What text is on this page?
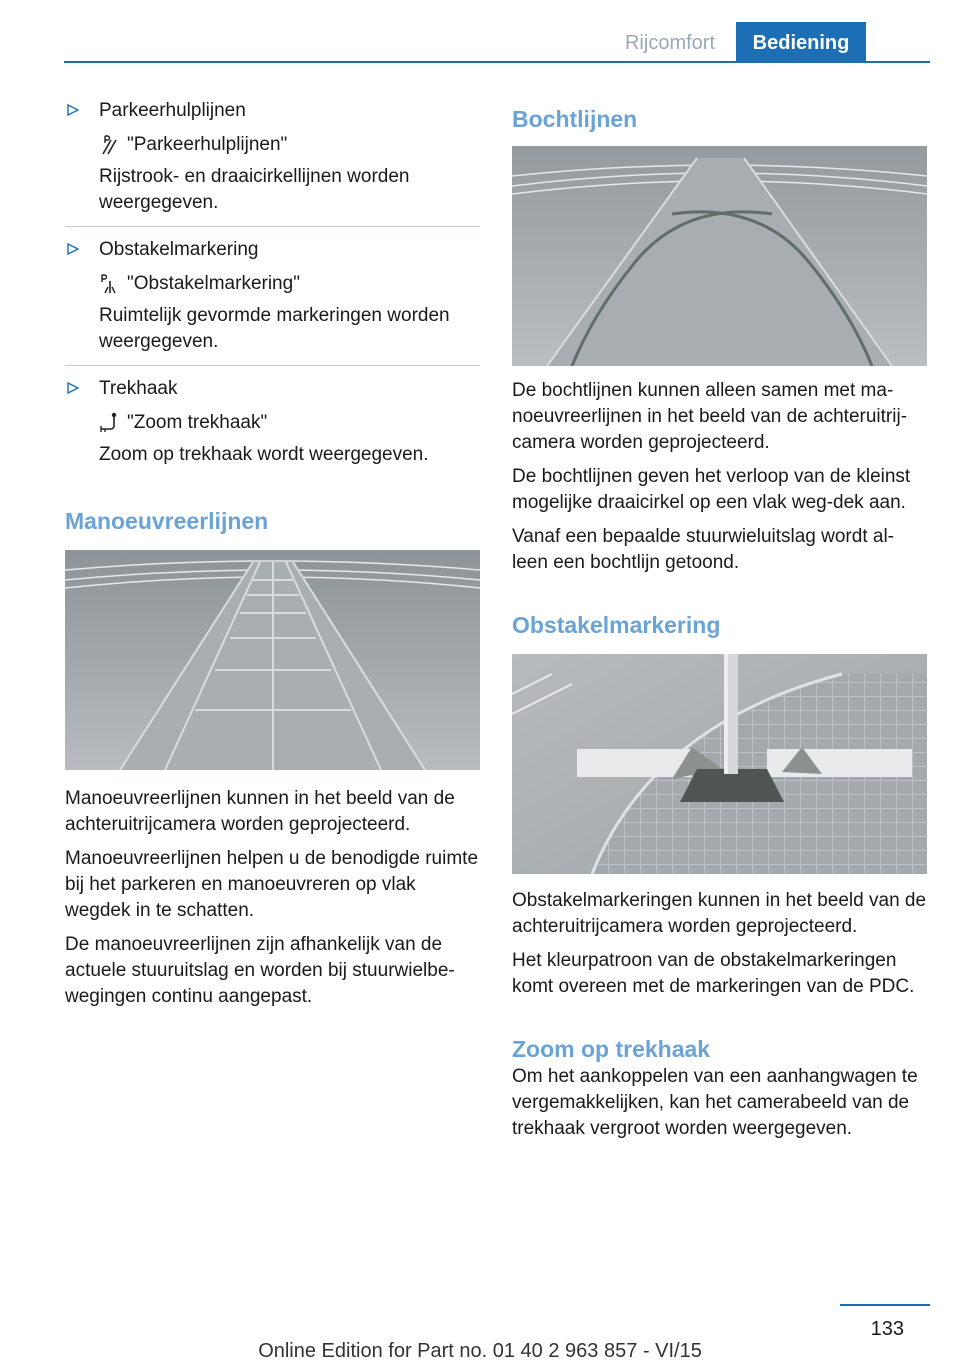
Rijcomfort	Bediening

Parkeerhulplijnen

"Parkeerhulplijnen"

Rijstrook- en draaicirkellijnen worden weergegeven.

Obstakelmarkering

"Obstakelmarkering"

Ruimtelijk gevormde markeringen worden weergegeven.

Trekhaak

"Zoom trekhaak"

Zoom op trekhaak wordt weergegeven.

Manoeuvreerlijnen

Manoeuvreerlijnen kunnen in het beeld van de achteruitrijcamera worden geprojecteerd.

Manoeuvreerlijnen helpen u de benodigde ruimte bij het parkeren en manoeuvreren op vlak wegdek in te schatten.

De manoeuvreerlijnen zijn afhankelijk van de actuele stuuruitslag en worden bij stuurwielbe‐wegingen continu aangepast.

Bochtlijnen

De bochtlijnen kunnen alleen samen met ma‐noeuvreerlijnen in het beeld van de achteruitrij‐camera worden geprojecteerd.

De bochtlijnen geven het verloop van de kleinst mogelijke draaicirkel op een vlak weg‐dek aan.

Vanaf een bepaalde stuurwieluitslag wordt al‐leen een bochtlijn getoond.

Obstakelmarkering

Obstakelmarkeringen kunnen in het beeld van de achteruitrijcamera worden geprojecteerd.

Het kleurpatroon van de obstakelmarkeringen komt overeen met de markeringen van de PDC.

Zoom op trekhaak

Om het aankoppelen van een aanhangwagen te vergemakkelijken, kan het camerabeeld van de trekhaak vergroot worden weergegeven.

133
Online Edition for Part no. 01 40 2 963 857 - VI/15
